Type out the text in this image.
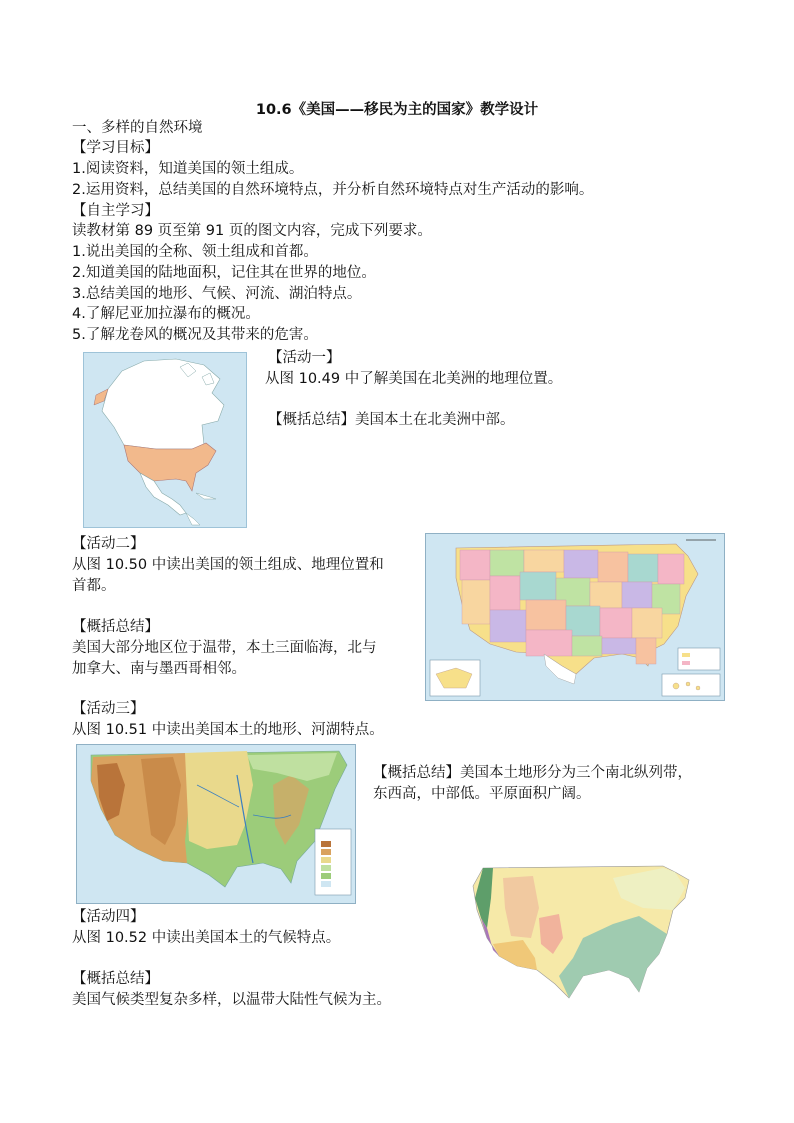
10.6《美国——移民为主的国家》教学设计
一、多样的自然环境
【学习目标】
1.阅读资料，知道美国的领土组成。
2.运用资料，总结美国的自然环境特点，并分析自然环境特点对生产活动的影响。
【自主学习】
读教材第 89 页至第 91 页的图文内容，完成下列要求。
1.说出美国的全称、领土组成和首都。
2.知道美国的陆地面积，记住其在世界的地位。
3.总结美国的地形、气候、河流、湖泊特点。
4.了解尼亚加拉瀑布的概况。
5.了解龙卷风的概况及其带来的危害。
【活动一】
从图 10.49 中了解美国在北美洲的地理位置。
【概括总结】美国本土在北美洲中部。
【活动二】
从图 10.50 中读出美国的领土组成、地理位置和
首都。
【概括总结】
美国大部分地区位于温带，本土三面临海，北与
加拿大、南与墨西哥相邻。
【活动三】
从图 10.51 中读出美国本土的地形、河湖特点。
【概括总结】美国本土地形分为三个南北纵列带，
东西高，中部低。平原面积广阔。
【活动四】
从图 10.52 中读出美国本土的气候特点。
【概括总结】
美国气候类型复杂多样，以温带大陆性气候为主。
